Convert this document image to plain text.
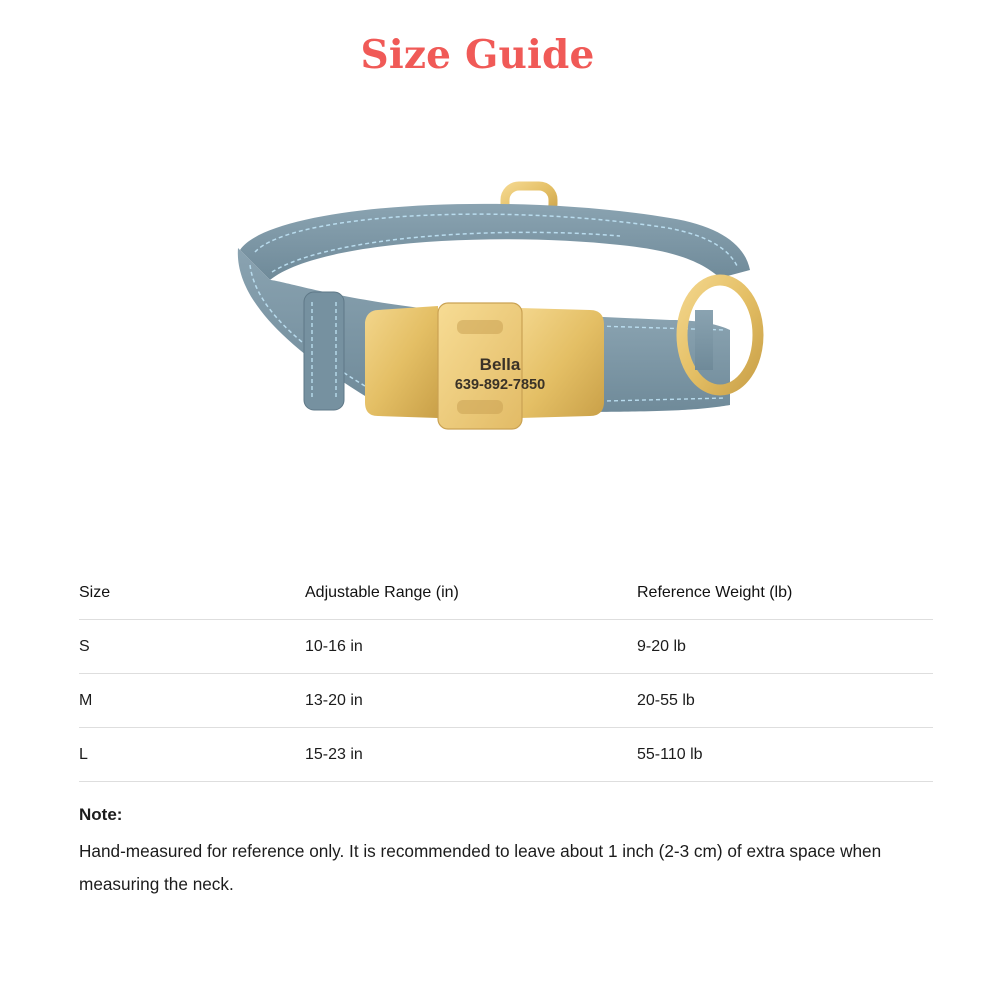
Size Guide
Bella
639-892-7850
Size	Adjustable Range (in)	Reference Weight (lb)
S	10-16 in	9-20 lb
M	13-20 in	20-55 lb
L	15-23 in	55-110 lb
Note:
Hand-measured for reference only. It is recommended to leave about 1 inch (2-3 cm) of extra space when measuring the neck.
